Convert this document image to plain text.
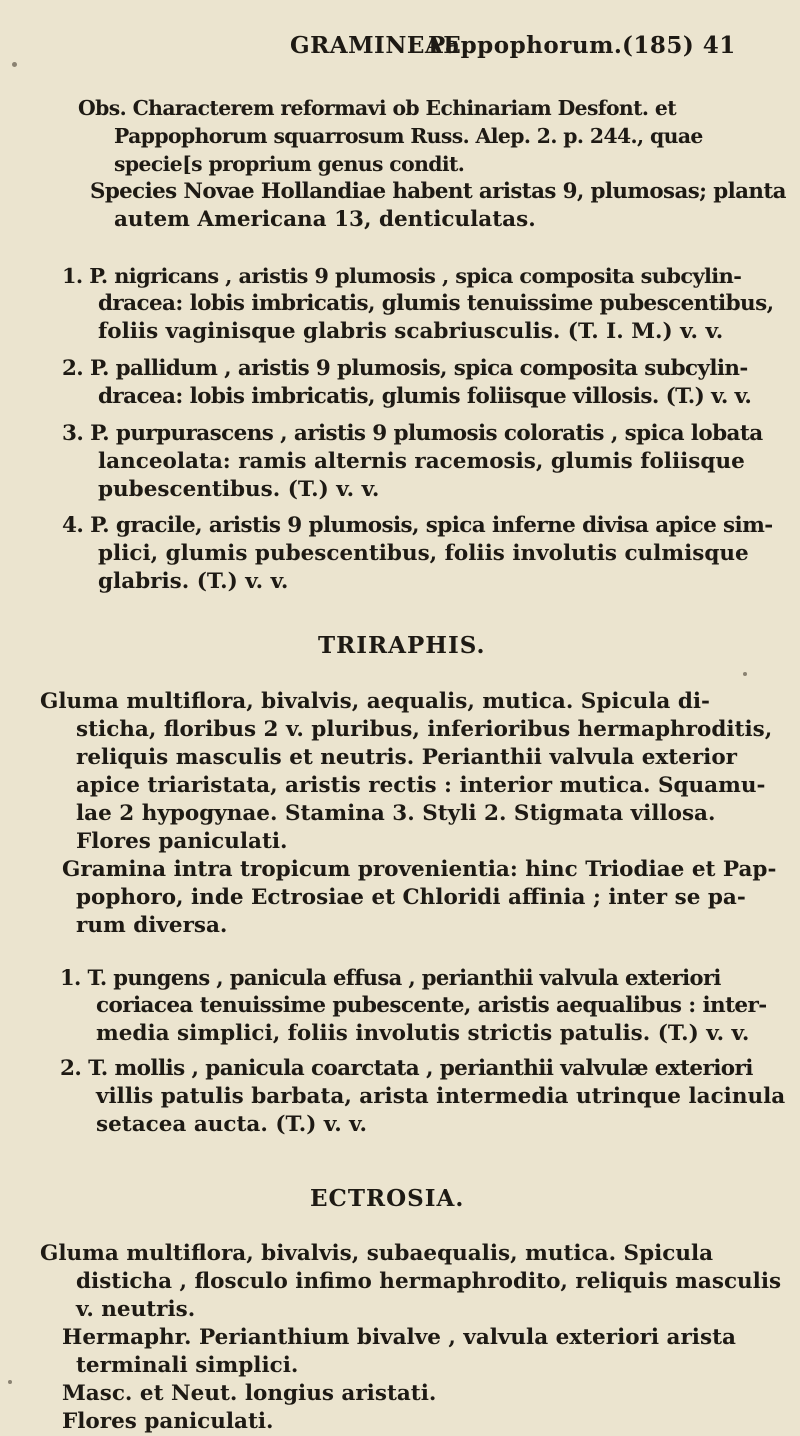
GRAMINEAE.
Pappophorum. (185) 41
Obs. Characterem reformavi ob Echinariam Desfont. et
Pappophorum squarrosum Russ. Alep. 2. p. 244., quae
specie[s proprium genus condit.
Species Novae Hollandiae habent aristas 9, plumosas; planta
autem Americana 13, denticulatas.
1. P. nigricans , aristis 9 plumosis , spica composita subcylin-
dracea: lobis imbricatis, glumis tenuissime pubescentibus,
foliis vaginisque glabris scabriusculis. (T. I. M.) v. v.
2. P. pallidum , aristis 9 plumosis, spica composita subcylin-
dracea: lobis imbricatis, glumis foliisque villosis. (T.) v. v.
3. P. purpurascens , aristis 9 plumosis coloratis , spica lobata
lanceolata: ramis alternis racemosis, glumis foliisque
pubescentibus. (T.) v. v.
4. P. gracile, aristis 9 plumosis, spica inferne divisa apice sim-
plici, glumis pubescentibus, foliis involutis culmisque
glabris. (T.) v. v.
TRIRAPHIS.
Gluma multiflora, bivalvis, aequalis, mutica. Spicula di-
sticha, floribus 2 v. pluribus, inferioribus hermaphroditis,
reliquis masculis et neutris. Perianthii valvula exterior
apice triaristata, aristis rectis : interior mutica. Squamu-
lae 2 hypogynae. Stamina 3. Styli 2. Stigmata villosa.
Flores paniculati.
Gramina intra tropicum provenientia: hinc Triodiae et Pap-
pophoro, inde Ectrosiae et Chloridi affinia ; inter se pa-
rum diversa.
1. T. pungens , panicula effusa , perianthii valvula exteriori
coriacea tenuissime pubescente, aristis aequalibus : inter-
media simplici, foliis involutis strictis patulis. (T.) v. v.
2. T. mollis , panicula coarctata , perianthii valvulæ exteriori
villis patulis barbata, arista intermedia utrinque lacinula
setacea aucta. (T.) v. v.
ECTROSIA.
Gluma multiflora, bivalvis, subaequalis, mutica. Spicula
disticha , flosculo infimo hermaphrodito, reliquis masculis
v. neutris.
Hermaphr. Perianthium bivalve , valvula exteriori arista
terminali simplici.
Masc. et Neut. longius aristati.
Flores paniculati.
